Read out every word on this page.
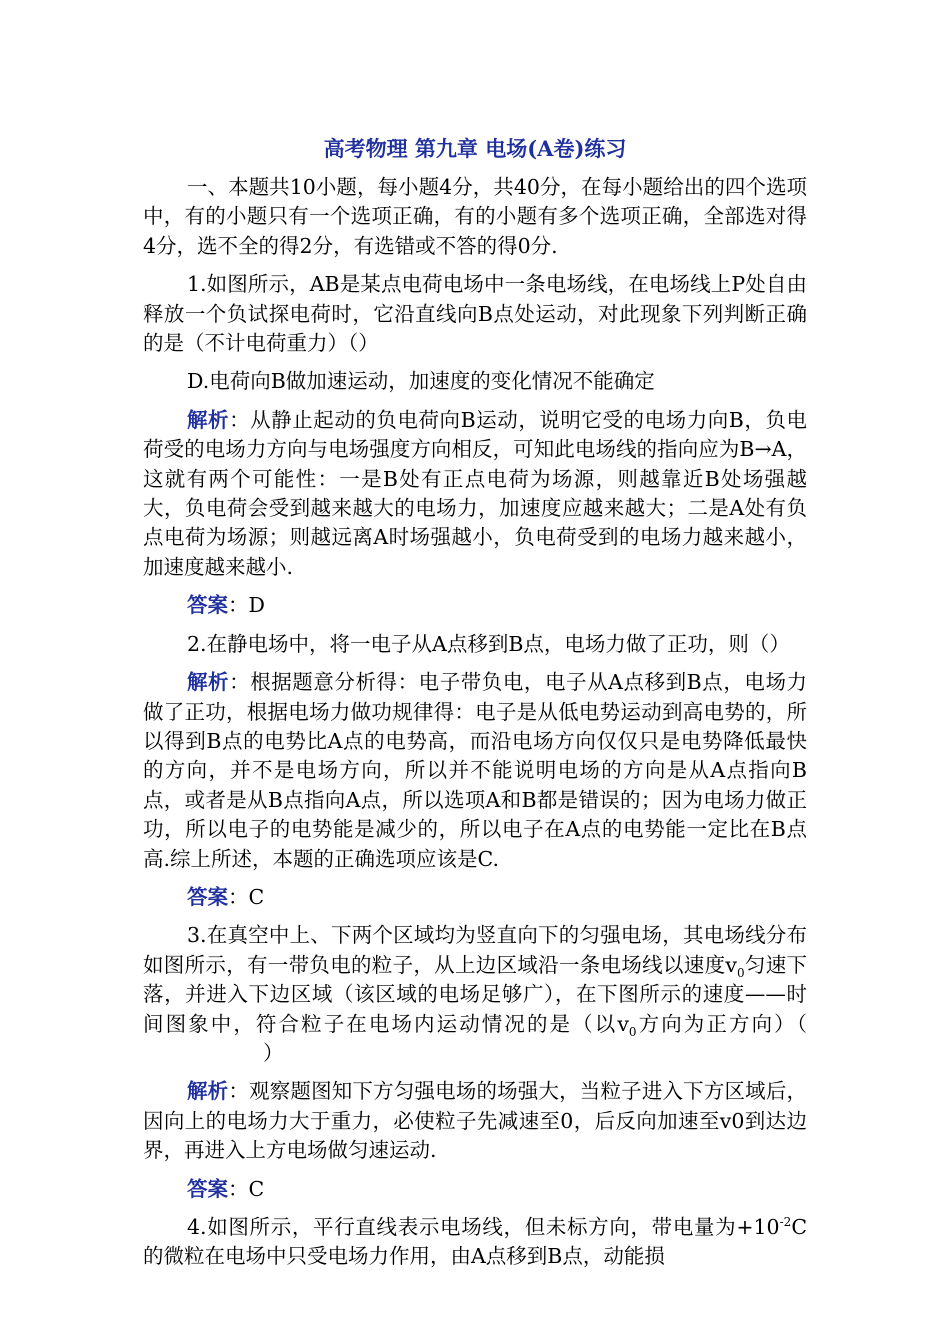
高考物理 第九章 电场(A卷)练习

一、本题共10小题，每小题4分，共40分，在每小题给出的四个选项中，有的小题只有一个选项正确，有的小题有多个选项正确，全部选对得4分，选不全的得2分，有选错或不答的得0分.

1.如图所示，AB是某点电荷电场中一条电场线，在电场线上P处自由释放一个负试探电荷时，它沿直线向B点处运动，对此现象下列判断正确的是（不计电荷重力）（）

D.电荷向B做加速运动，加速度的变化情况不能确定

解析：从静止起动的负电荷向B运动，说明它受的电场力向B，负电荷受的电场力方向与电场强度方向相反，可知此电场线的指向应为B→A，这就有两个可能性：一是B处有正点电荷为场源，则越靠近B处场强越大，负电荷会受到越来越大的电场力，加速度应越来越大；二是A处有负点电荷为场源；则越远离A时场强越小，负电荷受到的电场力越来越小，加速度越来越小.

答案：D

2.在静电场中，将一电子从A点移到B点，电场力做了正功，则（）

解析：根据题意分析得：电子带负电，电子从A点移到B点，电场力做了正功，根据电场力做功规律得：电子是从低电势运动到高电势的，所以得到B点的电势比A点的电势高，而沿电场方向仅仅只是电势降低最快的方向，并不是电场方向，所以并不能说明电场的方向是从A点指向B点，或者是从B点指向A点，所以选项A和B都是错误的；因为电场力做正功，所以电子的电势能是减少的，所以电子在A点的电势能一定比在B点高.综上所述，本题的正确选项应该是C.

答案：C

3.在真空中上、下两个区域均为竖直向下的匀强电场，其电场线分布如图所示，有一带负电的粒子，从上边区域沿一条电场线以速度$v_0$匀速下落，并进入下边区域（该区域的电场足够广），在下图所示的速度——时间图象中，符合粒子在电场内运动情况的是（以$v_0$方向为正方向）（）

解析：观察题图知下方匀强电场的场强大，当粒子进入下方区域后，因向上的电场力大于重力，必使粒子先减速至0，后反向加速至v0到达边界，再进入上方电场做匀速运动.

答案：C

4.如图所示，平行直线表示电场线，但未标方向，带电量为$+10^{-2}C$的微粒在电场中只受电场力作用，由A点移到B点，动能损
